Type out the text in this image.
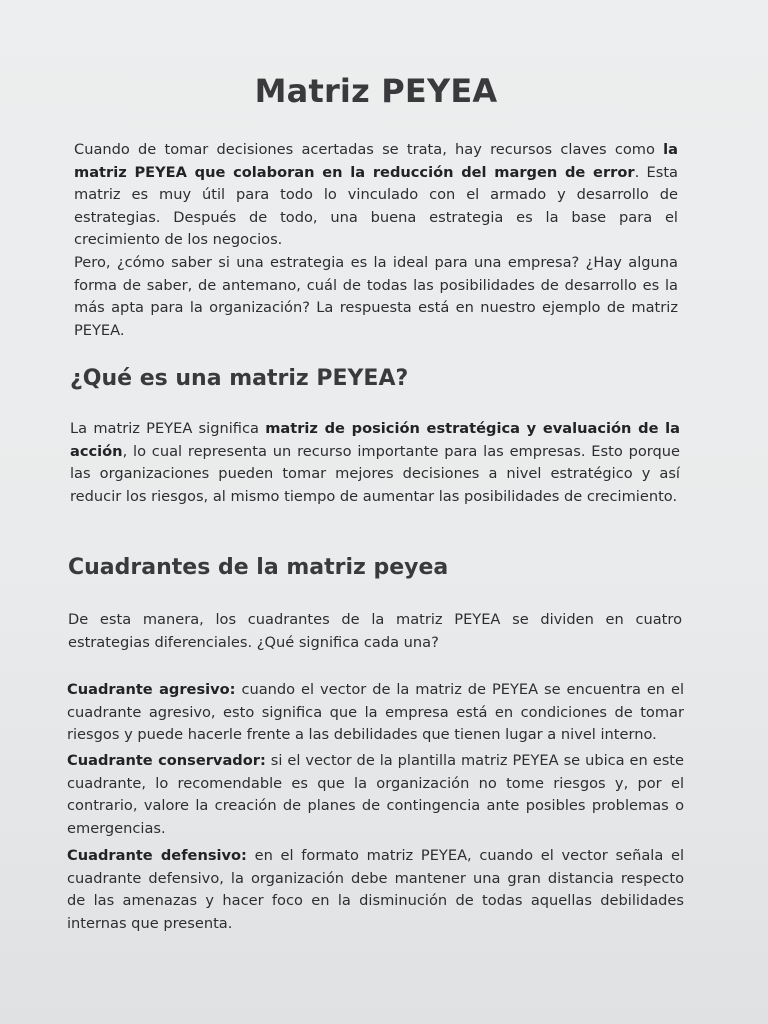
Matriz PEYEA

Cuando de tomar decisiones acertadas se trata, hay recursos claves como la matriz PEYEA que colaboran en la reducción del margen de error. Esta matriz es muy útil para todo lo vinculado con el armado y desarrollo de estrategias. Después de todo, una buena estrategia es la base para el crecimiento de los negocios.

Pero, ¿cómo saber si una estrategia es la ideal para una empresa? ¿Hay alguna forma de saber, de antemano, cuál de todas las posibilidades de desarrollo es la más apta para la organización? La respuesta está en nuestro ejemplo de matriz PEYEA.

¿Qué es una matriz PEYEA?

La matriz PEYEA significa matriz de posición estratégica y evaluación de la acción, lo cual representa un recurso importante para las empresas. Esto porque las organizaciones pueden tomar mejores decisiones a nivel estratégico y así reducir los riesgos, al mismo tiempo de aumentar las posibilidades de crecimiento.

Cuadrantes de la matriz peyea

De esta manera, los cuadrantes de la matriz PEYEA se dividen en cuatro estrategias diferenciales. ¿Qué significa cada una?

Cuadrante agresivo: cuando el vector de la matriz de PEYEA se encuentra en el cuadrante agresivo, esto significa que la empresa está en condiciones de tomar riesgos y puede hacerle frente a las debilidades que tienen lugar a nivel interno.

Cuadrante conservador: si el vector de la plantilla matriz PEYEA se ubica en este cuadrante, lo recomendable es que la organización no tome riesgos y, por el contrario, valore la creación de planes de contingencia ante posibles problemas o emergencias.

Cuadrante defensivo: en el formato matriz PEYEA, cuando el vector señala el cuadrante defensivo, la organización debe mantener una gran distancia respecto de las amenazas y hacer foco en la disminución de todas aquellas debilidades internas que presenta.
